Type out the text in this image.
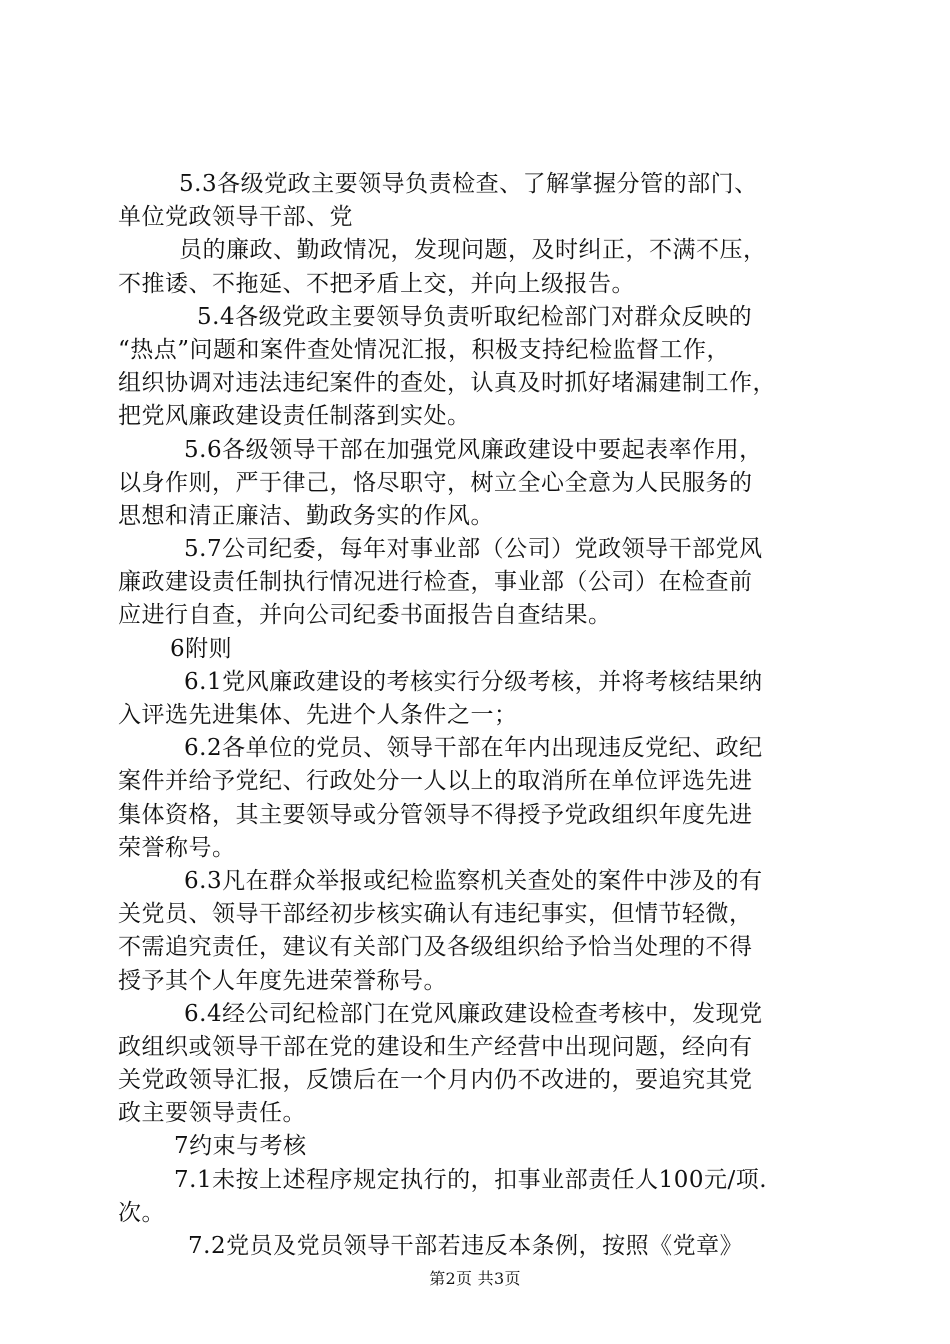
5.3各级党政主要领导负责检查、了解掌握分管的部门、
单位党政领导干部、党
员的廉政、勤政情况，发现问题，及时纠正，不满不压，
不推诿、不拖延、不把矛盾上交，并向上级报告。
5.4各级党政主要领导负责听取纪检部门对群众反映的
“热点”问题和案件查处情况汇报，积极支持纪检监督工作，
组织协调对违法违纪案件的查处，认真及时抓好堵漏建制工作，
把党风廉政建设责任制落到实处。
5.6各级领导干部在加强党风廉政建设中要起表率作用，
以身作则，严于律己，恪尽职守，树立全心全意为人民服务的
思想和清正廉洁、勤政务实的作风。
5.7公司纪委，每年对事业部（公司）党政领导干部党风
廉政建设责任制执行情况进行检查，事业部（公司）在检查前
应进行自查，并向公司纪委书面报告自查结果。
6附则
6.1党风廉政建设的考核实行分级考核，并将考核结果纳
入评选先进集体、先进个人条件之一；
6.2各单位的党员、领导干部在年内出现违反党纪、政纪
案件并给予党纪、行政处分一人以上的取消所在单位评选先进
集体资格，其主要领导或分管领导不得授予党政组织年度先进
荣誉称号。
6.3凡在群众举报或纪检监察机关查处的案件中涉及的有
关党员、领导干部经初步核实确认有违纪事实，但情节轻微，
不需追究责任，建议有关部门及各级组织给予恰当处理的不得
授予其个人年度先进荣誉称号。
6.4经公司纪检部门在党风廉政建设检查考核中，发现党
政组织或领导干部在党的建设和生产经营中出现问题，经向有
关党政领导汇报，反馈后在一个月内仍不改进的，要追究其党
政主要领导责任。
7约束与考核
7.1未按上述程序规定执行的，扣事业部责任人100元/项.
次。
7.2党员及党员领导干部若违反本条例，按照《党章》
第2页 共3页
